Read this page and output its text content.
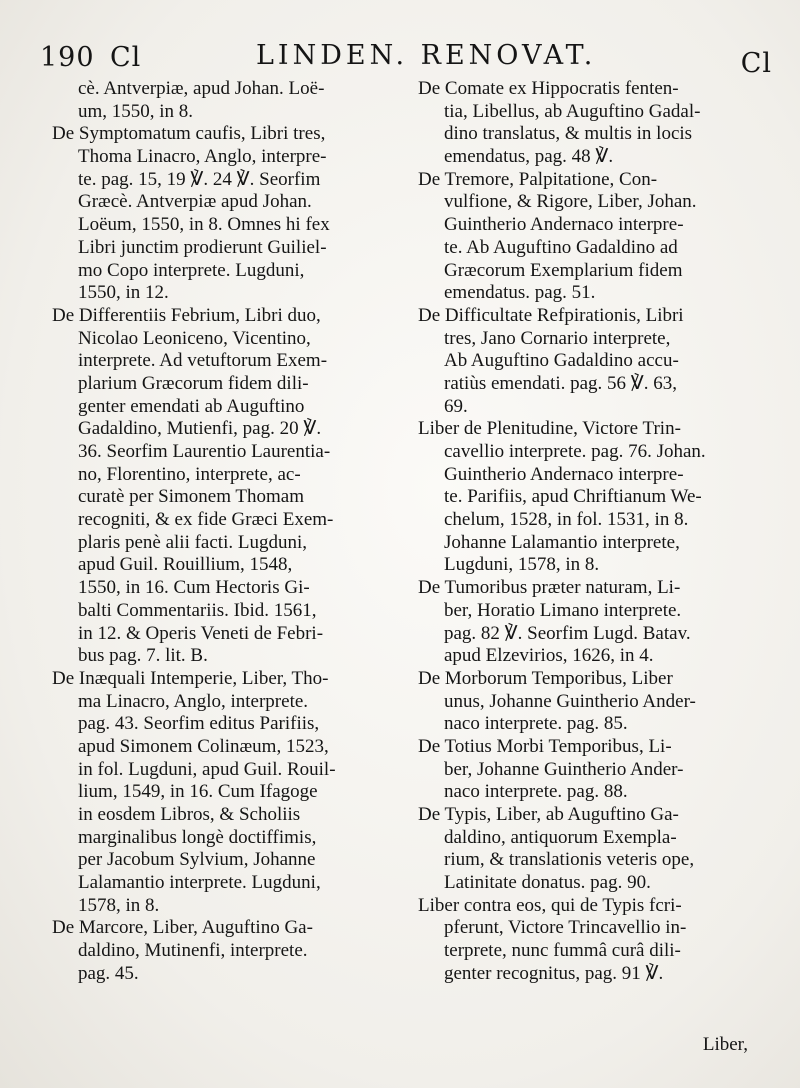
190 Cl	LINDEN. RENOVAT.	Cl
cè. Antverpiæ, apud Johan. Loë-
um, 1550, in 8.
De Symptomatum caufis, Libri tres,
Thoma Linacro, Anglo, interpre-
te. pag. 15, 19 ℣. 24 ℣. Seorfim
Græcè. Antverpiæ apud Johan.
Loëum, 1550, in 8. Omnes hi fex
Libri junctim prodierunt Guiliel-
mo Copo interprete. Lugduni,
1550, in 12.
De Differentiis Febrium, Libri duo,
Nicolao Leoniceno, Vicentino,
interprete. Ad vetuftorum Exem-
plarium Græcorum fidem dili-
genter emendati ab Auguftino
Gadaldino, Mutienfi, pag. 20 ℣.
36. Seorfim Laurentio Laurentia-
no, Florentino, interprete, ac-
curatè per Simonem Thomam
recogniti, & ex fide Græci Exem-
plaris penè alii facti. Lugduni,
apud Guil. Rouillium, 1548,
1550, in 16. Cum Hectoris Gi-
balti Commentariis. Ibid. 1561,
in 12. & Operis Veneti de Febri-
bus pag. 7. lit. B.
De Inæquali Intemperie, Liber, Tho-
ma Linacro, Anglo, interprete.
pag. 43. Seorfim editus Parifiis,
apud Simonem Colinæum, 1523,
in fol. Lugduni, apud Guil. Rouil-
lium, 1549, in 16. Cum Ifagoge
in eosdem Libros, & Scholiis
marginalibus longè doctiffimis,
per Jacobum Sylvium, Johanne
Lalamantio interprete. Lugduni,
1578, in 8.
De Marcore, Liber, Auguftino Ga-
daldino, Mutinenfi, interprete.
pag. 45.
De Comate ex Hippocratis fenten-
tia, Libellus, ab Auguftino Gadal-
dino translatus, & multis in locis
emendatus, pag. 48 ℣.
De Tremore, Palpitatione, Con-
vulfione, & Rigore, Liber, Johan.
Guintherio Andernaco interpre-
te. Ab Auguftino Gadaldino ad
Græcorum Exemplarium fidem
emendatus. pag. 51.
De Difficultate Refpirationis, Libri
tres, Jano Cornario interprete,
Ab Auguftino Gadaldino accu-
ratiùs emendati. pag. 56 ℣. 63,
69.
Liber de Plenitudine, Victore Trin-
cavellio interprete. pag. 76. Johan.
Guintherio Andernaco interpre-
te. Parifiis, apud Chriftianum We-
chelum, 1528, in fol. 1531, in 8.
Johanne Lalamantio interprete,
Lugduni, 1578, in 8.
De Tumoribus præter naturam, Li-
ber, Horatio Limano interprete.
pag. 82 ℣. Seorfim Lugd. Batav.
apud Elzevirios, 1626, in 4.
De Morborum Temporibus, Liber
unus, Johanne Guintherio Ander-
naco interprete. pag. 85.
De Totius Morbi Temporibus, Li-
ber, Johanne Guintherio Ander-
naco interprete. pag. 88.
De Typis, Liber, ab Auguftino Ga-
daldino, antiquorum Exempla-
rium, & translationis veteris ope,
Latinitate donatus. pag. 90.
Liber contra eos, qui de Typis fcri-
pferunt, Victore Trincavellio in-
terprete, nunc fummâ curâ dili-
genter recognitus, pag. 91 ℣.
Liber,
